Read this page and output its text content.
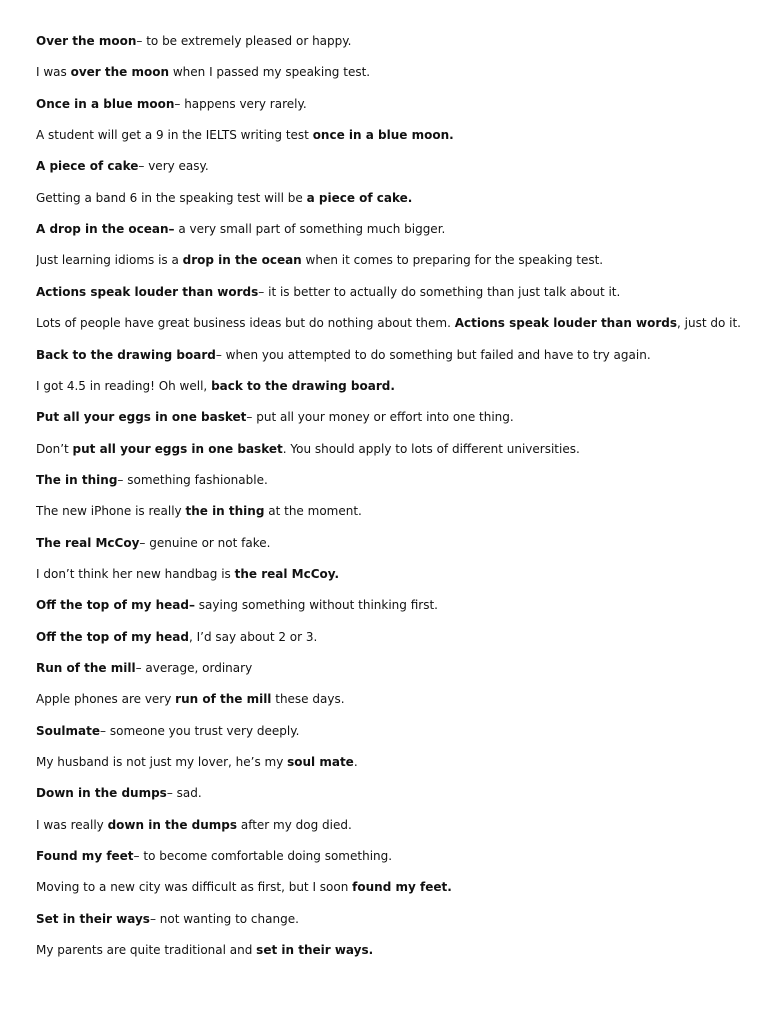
Over the moon– to be extremely pleased or happy.
I was over the moon when I passed my speaking test.
Once in a blue moon– happens very rarely.
A student will get a 9 in the IELTS writing test once in a blue moon.
A piece of cake– very easy.
Getting a band 6 in the speaking test will be a piece of cake.
A drop in the ocean– a very small part of something much bigger.
Just learning idioms is a drop in the ocean when it comes to preparing for the speaking test.
Actions speak louder than words– it is better to actually do something than just talk about it.
Lots of people have great business ideas but do nothing about them. Actions speak louder than words, just do it.
Back to the drawing board– when you attempted to do something but failed and have to try again.
I got 4.5 in reading! Oh well, back to the drawing board.
Put all your eggs in one basket– put all your money or effort into one thing.
Don’t put all your eggs in one basket. You should apply to lots of different universities.
The in thing– something fashionable.
The new iPhone is really the in thing at the moment.
The real McCoy– genuine or not fake.
I don’t think her new handbag is the real McCoy.
Off the top of my head– saying something without thinking first.
Off the top of my head, I’d say about 2 or 3.
Run of the mill– average, ordinary
Apple phones are very run of the mill these days.
Soulmate– someone you trust very deeply.
My husband is not just my lover, he’s my soul mate.
Down in the dumps– sad.
I was really down in the dumps after my dog died.
Found my feet– to become comfortable doing something.
Moving to a new city was difficult as first, but I soon found my feet.
Set in their ways– not wanting to change.
My parents are quite traditional and set in their ways.
